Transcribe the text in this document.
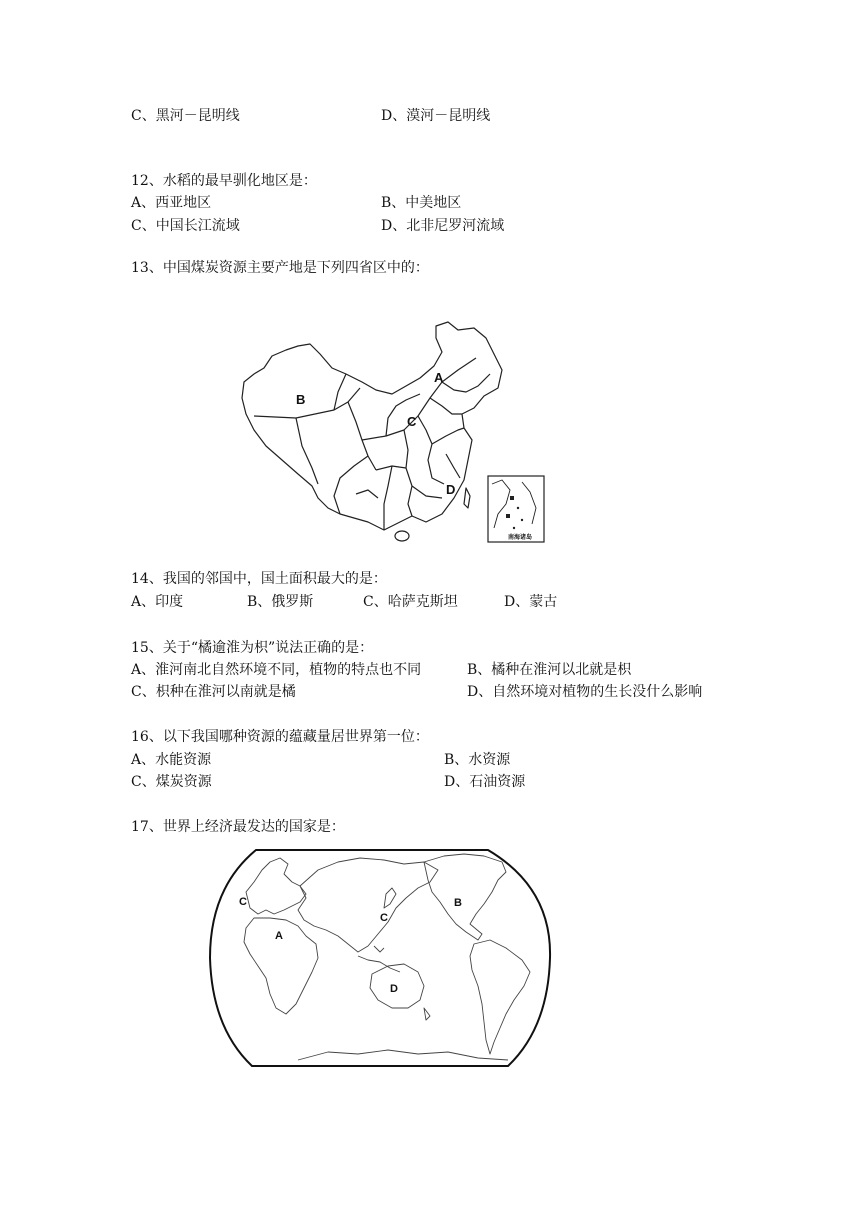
C、黑河－昆明线	D、漠河－昆明线
12、水稻的最早驯化地区是：
A、西亚地区	B、中美地区
C、中国长江流域	D、北非尼罗河流域
13、中国煤炭资源主要产地是下列四省区中的：
A
B
C
D
南海诸岛
14、我国的邻国中，国土面积最大的是：
A、印度	B、俄罗斯	C、哈萨克斯坦	D、蒙古
15、关于“橘逾淮为枳”说法正确的是：
A、淮河南北自然环境不同，植物的特点也不同	B、橘种在淮河以北就是枳
C、枳种在淮河以南就是橘	D、自然环境对植物的生长没什么影响
16、以下我国哪种资源的蕴藏量居世界第一位：
A、水能资源	B、水资源
C、煤炭资源	D、石油资源
17、世界上经济最发达的国家是：
C
A
C
B
D
